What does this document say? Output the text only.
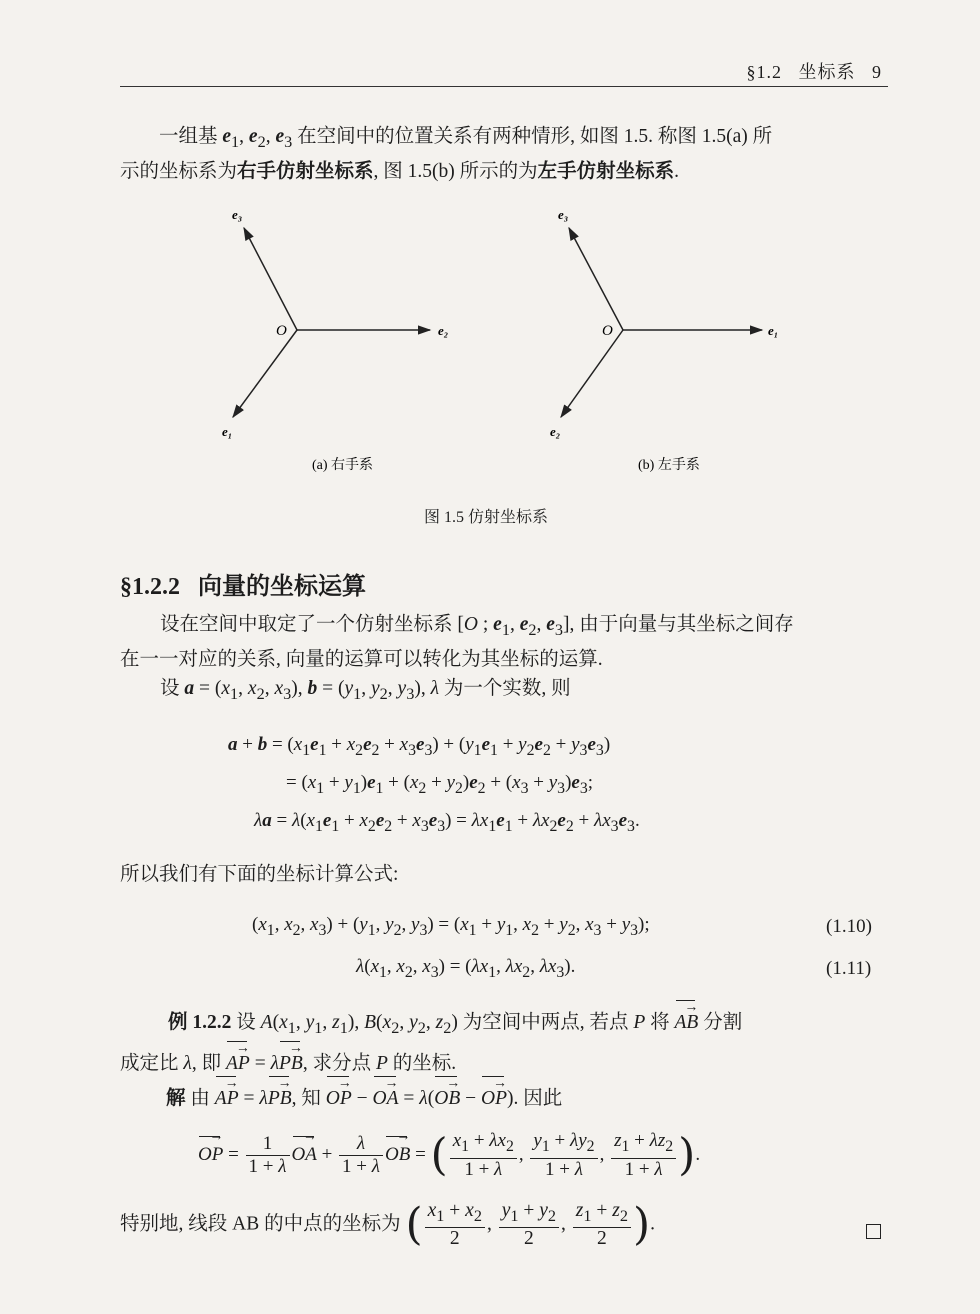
§1.2 坐标系 9
一组基 $e_1$, $e_2$, $e_3$ 在空间中的位置关系有两种情形, 如图 1.5. 称图 1.5(a) 所
示的坐标系为右手仿射坐标系, 图 1.5(b) 所示的为左手仿射坐标系.
O
e₃
e₂
e₁
(a) 右手系
O
e₃
e₁
e₂
(b) 左手系
图 1.5 仿射坐标系
§1.2.2 向量的坐标运算
设在空间中取定了一个仿射坐标系 [O ; $e_1$, $e_2$, $e_3$], 由于向量与其坐标之间存
在一一对应的关系, 向量的运算可以转化为其坐标的运算.
设 $a = (x_1$, $x_2$, $x_3$), $b = (y_1$, $y_2$, $y_3$), λ 为一个实数, 则
$a + b = (x_1e_1 + x_2e_2 + x_3e_3) + (y_1e_1 + y_2e_2 + y_3e_3)$
= $(x_1 + y_1)e_1 + (x_2 + y_2)e_2 + (x_3 + y_3)e_3$;
$\lambda a = \lambda(x_1e_1 + x_2e_2 + x_3e_3) = \lambda x_1e_1 + \lambda x_2e_2 + \lambda x_3e_3$.
所以我们有下面的坐标计算公式:
($x_1$, $x_2$, $x_3) + (y_1$, $y_2$, $y_3) = (x_1 + y_1$, $x_2 + y_2$, $x_3 + y_3$);	(1.10)
$\lambda(x_1$, $x_2$, $x_3) = (\lambda x_1$, $\lambda x_2$, $\lambda x_3$).	(1.11)
例 1.2.2 设 $A(x_1$, $y_1$, $z_1$), $B(x_2$, $y_2$, $z_2$) 为空间中两点, 若点 P 将 AB → 分割
成定比 λ, 即 AP → = λPB →, 求分点 P 的坐标.
解 由 AP → = λPB →, 知 OP → − OA → = λ(OB → − OP →). 因此
OP → = $\frac{1}{1 + \lambda}$ OA → + $\frac{\lambda}{1 + \lambda}$ OB → = ( $\frac{x_1 + \lambda x_2}{1 + \lambda}$ , $\frac{y_1 + \lambda y_2}{1 + \lambda}$ , $\frac{z_1 + \lambda z_2}{1 + \lambda}$ ).
特别地, 线段 AB 的中点的坐标为 ( $\frac{x_1 + x_2}{2}$ , $\frac{y_1 + y_2}{2}$ , $\frac{z_1 + z_2}{2}$ ).
